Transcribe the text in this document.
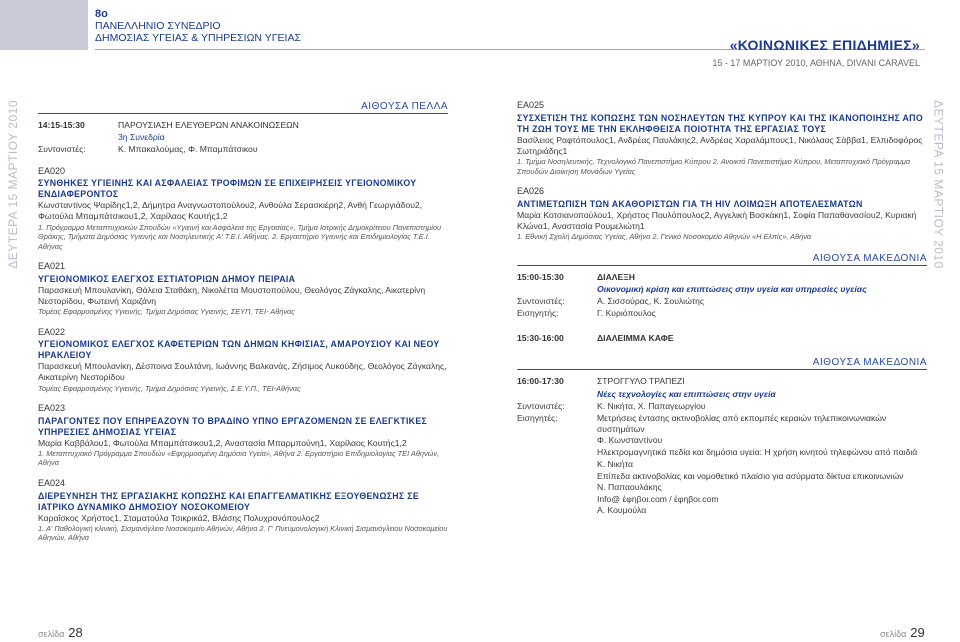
8ο
ΠΑΝΕΛΛΗΝΙΟ ΣΥΝΕΔΡΙΟ
ΔΗΜΟΣΙΑΣ ΥΓΕΙΑΣ & ΥΠΗΡΕΣΙΩΝ ΥΓΕΙΑΣ	«ΚΟΙΝΩΝΙΚΕΣ ΕΠΙΔΗΜΙΕΣ»
15 - 17 ΜΑΡΤΙΟΥ 2010, ΑΘΗΝΑ, DIVANI CARAVEL
ΔΕΥΤΕΡΑ 15 ΜΑΡΤΙΟΥ 2010	ΔΕΥΤΕΡΑ 15 ΜΑΡΤΙΟΥ 2010
ΑΙΘΟΥΣΑ ΠΕΛΛΑ
14:15-15:30	ΠΑΡΟΥΣΙΑΣΗ ΕΛΕΥΘΕΡΩΝ ΑΝΑΚΟΙΝΩΣΕΩΝ
3η Συνεδρία
Συντονιστές:	Κ. Μπακαλούμας, Φ. Μπαμπάτσικου
ΕΑ020
ΣΥΝΘΗΚΕΣ ΥΓΙΕΙΝΗΣ ΚΑΙ ΑΣΦΑΛΕΙΑΣ ΤΡΟΦΙΜΩΝ ΣΕ ΕΠΙΧΕΙΡΗΣΕΙΣ ΥΓΕΙΟΝΟΜΙΚΟΥ ΕΝΔΙΑΦΕΡΟΝΤΟΣ
Κωνσταντίνος Ψαρίδης1,2, Δήμητρα Αναγνωστοπούλου2, Ανθούλα Σερασκιέρη2, Ανθή Γεωργιάδου2, Φωτούλα Μπαμπάτσικου1,2, Χαρίλαος Κουτής1,2
1. Πρόγραμμα Μεταπτυχιακών Σπουδών «Υγιεινή και Ασφάλεια της Εργασίας», Τμήμα Ιατρικής Δημοκρίτειου Πανεπιστημίου Θράκης, Τμήματα Δημόσιας Υγιεινής και Νοσηλευτικής Α' Τ.Ε.Ι. Αθήνας. 2. Εργαστήριο Υγιεινής και Επιδημιολογίας Τ.Ε.Ι. Αθήνας
ΕΑ021
ΥΓΕΙΟΝΟΜΙΚΟΣ ΕΛΕΓΧΟΣ ΕΣΤΙΑΤΟΡΙΩΝ ΔΗΜΟΥ ΠΕΙΡΑΙΑ
Παρασκευή Μπουλανίκη, Θάλεια Σταθάκη, Νικολέττα Μουστοπούλου, Θεολόγος Ζάγκαλης, Αικατερίνη Νεστορίδου, Φωτεινή Χαριζάνη
Τομέας Εφαρμοσμένης Υγιεινής, Τμήμα Δημόσιας Υγιεινής, ΣΕΥΠ, ΤΕΙ- Αθήνας
ΕΑ022
ΥΓΕΙΟΝΟΜΙΚΟΣ ΕΛΕΓΧΟΣ ΚΑΦΕΤΕΡΙΩΝ ΤΩΝ ΔΗΜΩΝ ΚΗΦΙΣΙΑΣ, ΑΜΑΡΟΥΣΙΟΥ ΚΑΙ ΝΕΟΥ ΗΡΑΚΛΕΙΟΥ
Παρασκευή Μπουλανίκη, Δέσποινα Σουλτάνη, Ιωάννης Βαλκανάς, Ζήσιμος Λυκούδης, Θεολόγος Ζάγκαλης, Αικατερίνη Νεστορίδου
Τομέας Εφαρμοσμένης Υγιεινής, Τμήμα Δημόσιας Υγιεινής, Σ.Ε.Υ.Π., ΤΕΙ-Αθήνας
ΕΑ023
ΠΑΡΑΓΟΝΤΕΣ ΠΟΥ ΕΠΗΡΕΑΖΟΥΝ ΤΟ ΒΡΑΔΙΝΟ ΥΠΝΟ ΕΡΓΑΖΟΜΕΝΩΝ ΣΕ ΕΛΕΓΚΤΙΚΕΣ ΥΠΗΡΕΣΙΕΣ ΔΗΜΟΣΙΑΣ ΥΓΕΙΑΣ
Μαρία Καββάλου1, Φωτούλα Μπαμπάτσικου1,2, Αναστασία Μπαρμπούνη1, Χαρίλαος Κουτής1,2
1. Μεταπτυχιακό Πρόγραμμα Σπουδών «Εφηρμοσμένη Δημόσια Υγεία», Αθήνα 2. Εργαστήριο Επιδημιολογίας ΤΕΙ Αθηνών, Αθήνα
ΕΑ024
ΔΙΕΡΕΥΝΗΣΗ ΤΗΣ ΕΡΓΑΣΙΑΚΗΣ ΚΟΠΩΣΗΣ ΚΑΙ ΕΠΑΓΓΕΛΜΑΤΙΚΗΣ ΕΞΟΥΘΕΝΩΣΗΣ ΣΕ ΙΑΤΡΙΚΟ ΔΥΝΑΜΙΚΟ ΔΗΜΟΣΙΟΥ ΝΟΣΟΚΟΜΕΙΟΥ
Καραΐσκος Χρήστος1, Σταματούλα Τσικρικά2, Βλάσης Πολυχρονόπουλος2
1. Α' Παθολογική κλινική, Σισμανόγλειο Νοσοκομείο Αθηνών, Αθήνα 2. Γ' Πνευμονολογική Κλινική Σισμανόγλειου Νοσοκομείου Αθηνών, Αθήνα
ΕΑ025
ΣΥΣΧΕΤΙΣΗ ΤΗΣ ΚΟΠΩΣΗΣ ΤΩΝ ΝΟΣΗΛΕΥΤΩΝ ΤΗΣ ΚΥΠΡΟΥ ΚΑΙ ΤΗΣ ΙΚΑΝΟΠΟΙΗΣΗΣ ΑΠΟ ΤΗ ΖΩΗ ΤΟΥΣ ΜΕ ΤΗΝ ΕΚΛΗΦΘΕΙΣΑ ΠΟΙΟΤΗΤΑ ΤΗΣ ΕΡΓΑΣΙΑΣ ΤΟΥΣ
Βασίλειος Ραφτόπουλος1, Ανδρέας Παυλάκης2, Ανδρέας Χαραλάμπους1, Νικόλαος Σάββα1, Ελπιδοφόρος Σωτηριάδης1
1. Τμήμα Νοσηλευτικής, Τεχνολογικό Πανεπιστήμιο Κύπρου 2. Ανοικτό Πανεπιστήμιο Κύπρου, Μεταπτυχιακό Πρόγραμμα Σπουδών Διοίκηση Μονάδων Υγείας
ΕΑ026
ΑΝΤΙΜΕΤΩΠΙΣΗ ΤΩΝ ΑΚΑΘΟΡΙΣΤΩΝ ΓΙΑ ΤΗ HIV ΛΟΙΜΩΞΗ ΑΠΟΤΕΛΕΣΜΑΤΩΝ
Μαρία Κοτσιανοπούλου1, Χρήστος Πουλόπουλος2, Αγγελική Βοσκάκη1, Σοφία Παπαθανασίου2, Κυριακή Κλώνα1, Αναστασία Ρουμελιώτη1
1. Εθνική Σχολή Δημόσιας Υγείας, Αθήνα 2. Γενικό Νοσοκομείο Αθηνών «Η Ελπίς», Αθήνα
ΑΙΘΟΥΣΑ ΜΑΚΕΔΟΝΙΑ
15:00-15:30	ΔΙΑΛΕΞΗ
Οικονομική κρίση και επιπτώσεις στην υγεία και υπηρεσίες υγείας
Συντονιστές:	Α. Σισσούρας, Κ. Σουλιώτης
Εισηγητής:	Γ. Κυριόπουλος
15:30-16:00	ΔΙΑΛΕΙΜΜΑ ΚΑΦΕ
ΑΙΘΟΥΣΑ ΜΑΚΕΔΟΝΙΑ
16:00-17:30	ΣΤΡΟΓΓΥΛΟ ΤΡΑΠΕΖΙ
Νέες τεχνολογίες και επιπτώσεις στην υγεία
Συντονιστές:	Κ. Νικήτα, Χ. Παπαγεωργίου
Εισηγητές:	Μετρήσεις έντασης ακτινοβολίας από εκπομπές κεραιών τηλεπικοινωνιακών συστημάτων
Φ. Κωνσταντίνου
Ηλεκτρομαγνητικά πεδία και δημόσια υγεία: Η χρήση κινητού τηλεφώνου από παιδιά
Κ. Νικήτα
Επίπεδα ακτινοβολίας και νομοθετικό πλαίσιο για ασύρματα δίκτυα επικοινωνιών
Ν. Παπαουλάκης
Info@ έφηβοι.com / έφηβοι.com
Α. Κουμούλα
σελίδα 28	σελίδα 29
